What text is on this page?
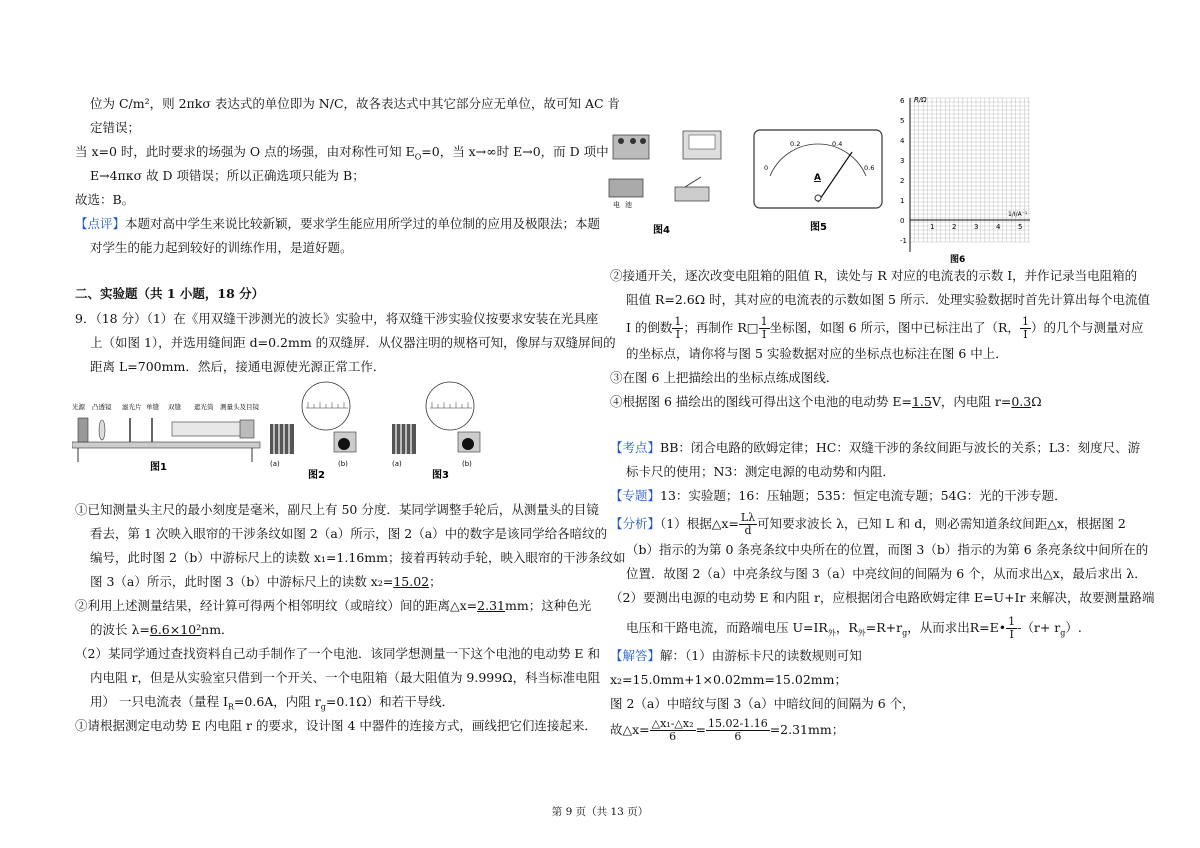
位为 C/m²，则 2πkσ 表达式的单位即为 N/C，故各表达式中其它部分应无单位，故可知 AC 肯
定错误；
当 x=0 时，此时要求的场强为 O 点的场强，由对称性可知 $E_O=0$，当 x→∞时 E→0，而 D 项中
E→4πκσ 故 D 项错误；所以正确选项只能为 B；
故选：B。
【点评】本题对高中学生来说比较新颖，要求学生能应用所学过的单位制的应用及极限法；本题
对学生的能力起到较好的训练作用，是道好题。
二、实验题（共 1 小题，18 分）
9．（18 分）（1）在《用双缝干涉测光的波长》实验中，将双缝干涉实验仪按要求安装在光具座
上（如图 1），并选用缝间距 d=0.2mm 的双缝屏．从仪器注明的规格可知，像屏与双缝屏间的
距离 L=700mm．然后，接通电源使光源正常工作．
光源 凸透镜 滤光片 单缝 双缝 遮光筒 测量头及目镜
图1	(a)	(b)
图2
(a)	(b)
图3
①已知测量头主尺的最小刻度是毫米，副尺上有 50 分度．某同学调整手轮后，从测量头的目镜
看去，第 1 次映入眼帘的干涉条纹如图 2（a）所示，图 2（a）中的数字是该同学给各暗纹的
编号，此时图 2（b）中游标尺上的读数 x₁=1.16mm；接着再转动手轮，映入眼帘的干涉条纹如
图 3（a）所示，此时图 3（b）中游标尺上的读数 x₂=15.02；
②利用上述测量结果，经计算可得两个相邻明纹（或暗纹）间的距离△x=2.31mm；这种色光
的波长 λ=6.6×10²nm．
（2）某同学通过查找资料自己动手制作了一个电池．该同学想测量一下这个电池的电动势 E 和
内电阻 r，但是从实验室只借到一个开关、一个电阻箱（最大阻值为 9.999Ω，科当标准电阻
用） 一只电流表（量程 $I_R=0.6A$，内阻 $r_g=0.1\Omega$）和若干导线．
①请根据测定电动势 E 内电阻 r 的要求，设计图 4 中器件的连接方式，画线把它们连接起来．
电 池
图4
0
0.2	0.4
0.6
A
图5
R/Ω
1/I/A⁻¹
6
5
4
3
2
1
0
-1
1	2	3	4	5
图6
②接通开关，逐次改变电阻箱的阻值 R，读处与 R 对应的电流表的示数 I，并作记录当电阻箱的
阻值 R=2.6Ω 时，其对应的电流表的示数如图 5 所示．处理实验数据时首先计算出每个电流值
I 的倒数 $\frac{1}{I}$ ；再制作 R□ $\frac{1}{I}$ 坐标图，如图 6 所示，图中已标注出了（R， $\frac{1}{I}$ ）的几个与测量对应
的坐标点，请你将与图 5 实验数据对应的坐标点也标注在图 6 中上．
③在图 6 上把描绘出的坐标点练成图线．
④根据图 6 描绘出的图线可得出这个电池的电动势 E=1.5V，内电阻 r=0.3Ω
【考点】BB：闭合电路的欧姆定律；HC：双缝干涉的条纹间距与波长的关系；L3：刻度尺、游
标卡尺的使用；N3：测定电源的电动势和内阻．
【专题】13：实验题；16：压轴题；535：恒定电流专题；54G：光的干涉专题．
【分析】（1）根据△x= $\frac{L\lambda}{d}$ 可知要求波长 λ，已知 L 和 d，则必需知道条纹间距△x，根据图 2
（b）指示的为第 0 条亮条纹中央所在的位置，而图 3（b）指示的为第 6 条亮条纹中间所在的
位置．故图 2（a）中亮条纹与图 3（a）中亮纹间的间隔为 6 个，从而求出△x，最后求出 λ．
（2）要测出电源的电动势 E 和内阻 r，应根据闭合电路欧姆定律 E=U+Ir 来解决，故要测量路端
电压和干路电流，而路端电压 $U=IR_外$，$R_外=R+r_g$，从而求出R=E• $\frac{1}{I} -(r+ r_g)$.
【解答】解：（1）由游标卡尺的读数规则可知
x₂=15.0mm+1×0.02mm=15.02mm；
图 2（a）中暗纹与图 3（a）中暗纹间的间隔为 6 个，
故△x= $\frac{\text{△x₁-△x₂}}{6} = \frac{15.02-1.16}{6} =2.31mm$；
第 9 页（共 13 页）
